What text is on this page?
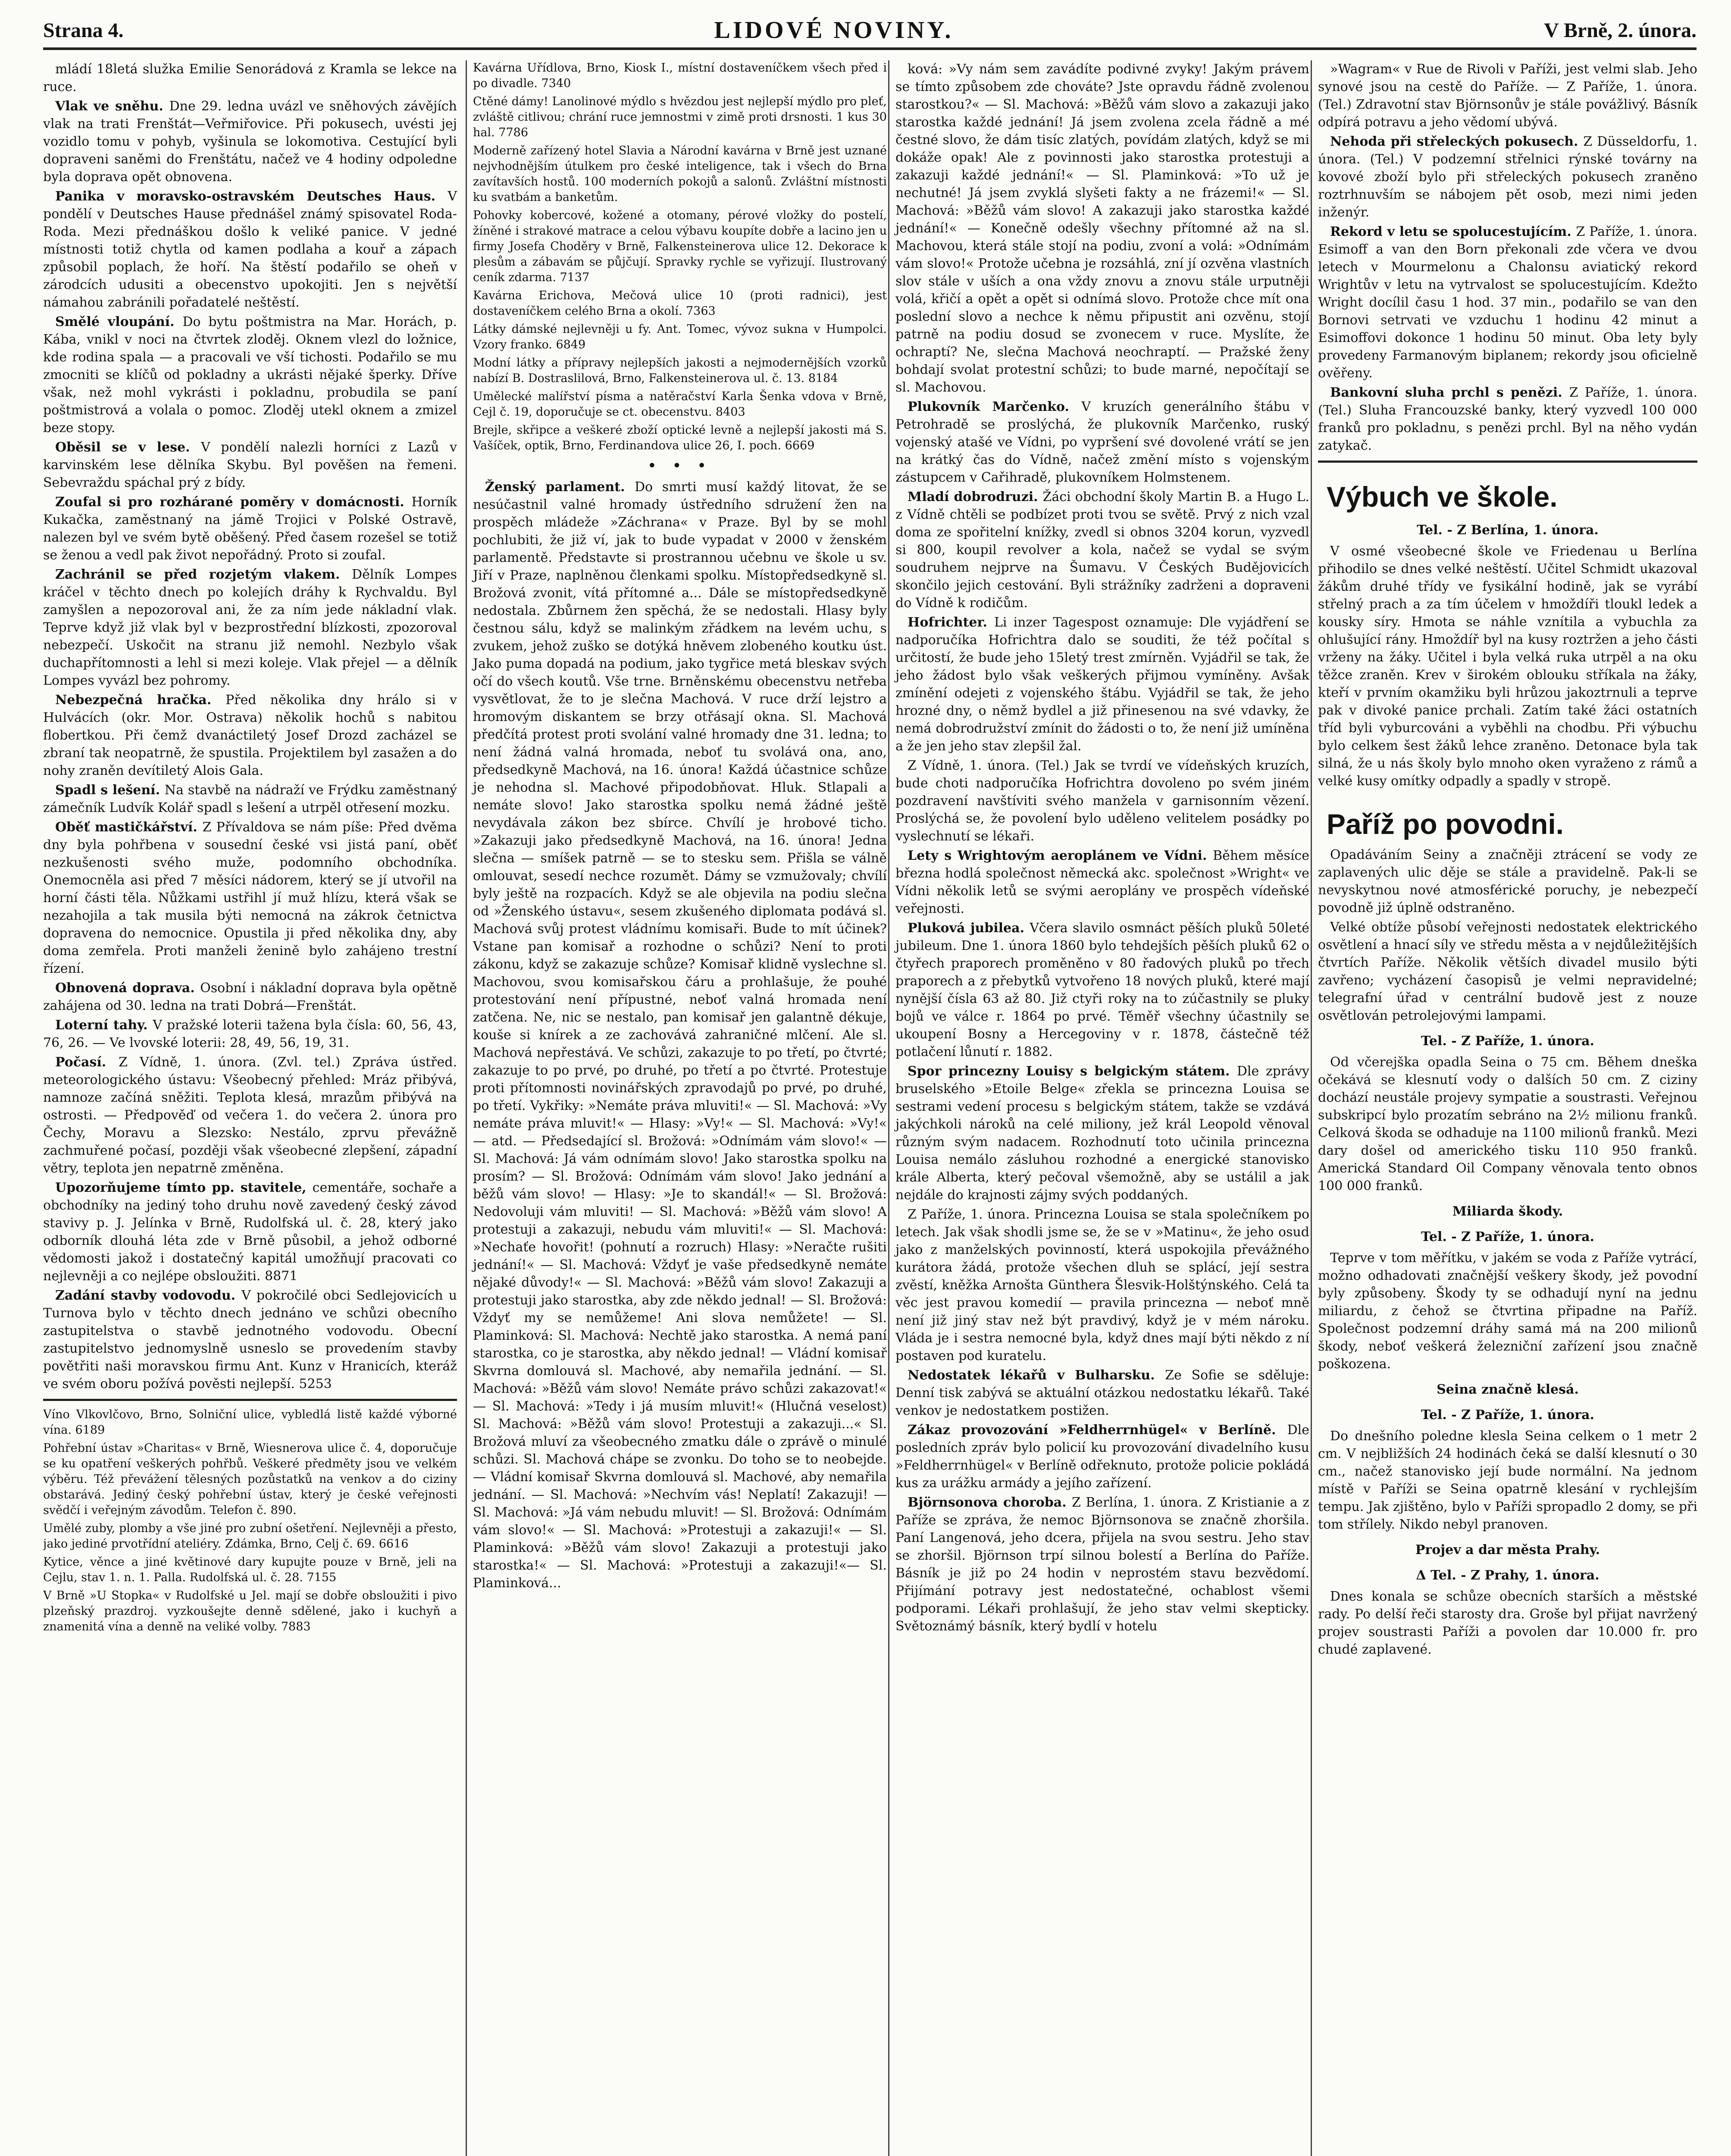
Strana 4.	LIDOVÉ NOVINY.	V Brně, 2. února.

mládí 18letá služka Emilie Senorádová z Kramla se lekce na ruce.

Vlak ve sněhu. Dne 29. ledna uvázl ve sněhových závějích vlak na trati Frenštát—Veřmiřovice. Při pokusech, uvésti jej vozidlo tomu v pohyb, vyšinula se lokomotiva. Cestující byli dopraveni saněmi do Frenštátu, načež ve 4 hodiny odpoledne byla doprava opět obnovena.

Panika v moravsko-ostravském Deutsches Haus. V pondělí v Deutsches Hause přednášel známý spisovatel Roda-Roda. Mezi přednáškou došlo k veliké panice. V jedné místnosti totiž chytla od kamen podlaha a kouř a zápach způsobil poplach, že hoří. Na štěstí podařilo se oheň v zárodcích udusiti a obecenstvo upokojiti. Jen s největší námahou zabránili pořadatelé neštěstí.

Smělé vloupání. Do bytu poštmistra na Mar. Horách, p. Kába, vnikl v noci na čtvrtek zloděj. Oknem vlezl do ložnice, kde rodina spala — a pracovali ve vší tichosti. Podařilo se mu zmocniti se klíčů od pokladny a ukrásti nějaké šperky. Dříve však, než mohl vykrásti i pokladnu, probudila se paní poštmistrová a volala o pomoc. Zloděj utekl oknem a zmizel beze stopy.

Oběsil se v lese. V pondělí nalezli horníci z Lazů v karvinském lese dělníka Skybu. Byl pověšen na řemeni. Sebevraždu spáchal prý z bídy.

Zoufal si pro rozhárané poměry v domácnosti. Horník Kukačka, zaměstnaný na jámě Trojici v Polské Ostravě, nalezen byl ve svém bytě oběšený. Před časem rozešel se totiž se ženou a vedl pak život nepořádný. Proto si zoufal.

Zachránil se před rozjetým vlakem. Dělník Lompes kráčel v těchto dnech po kolejích dráhy k Rychvaldu. Byl zamyšlen a nepozoroval ani, že za ním jede nákladní vlak. Teprve když již vlak byl v bezprostřední blízkosti, zpozoroval nebezpečí. Uskočit na stranu již nemohl. Nezbylo však duchapřítomnosti a lehl si mezi koleje. Vlak přejel — a dělník Lompes vyvázl bez pohromy.

Nebezpečná hračka. Před několika dny hrálo si v Hulvácích (okr. Mor. Ostrava) několik hochů s nabitou flobertkou. Při čemž dvanáctiletý Josef Drozd zacházel se zbraní tak neopatrně, že spustila. Projektilem byl zasažen a do nohy zraněn devítiletý Alois Gala.

Spadl s lešení. Na stavbě na nádraží ve Frýdku zaměstnaný zámečník Ludvík Kolář spadl s lešení a utrpěl otřesení mozku.

Oběť mastičkářství. Z Přívaldova se nám píše: Před dvěma dny byla pohřbena v sousední české vsi jistá paní, oběť nezkušenosti svého muže, podomního obchodníka. Onemocněla asi před 7 měsíci nádorem, který se jí utvořil na horní části těla. Nůžkami ustřihl jí muž hlízu, která však se nezahojila a tak musila býti nemocná na zákrok četnictva dopravena do nemocnice. Opustila ji před několika dny, aby doma zemřela. Proti manželi ženině bylo zahájeno trestní řízení.

Obnovená doprava. Osobní i nákladní doprava byla opětně zahájena od 30. ledna na trati Dobrá—Frenštát.

Loterní tahy. V pražské loterii tažena byla čísla: 60, 56, 43, 76, 26. — Ve lvovské loterii: 28, 49, 56, 19, 31.

Počasí. Z Vídně, 1. února. (Zvl. tel.) Zpráva ústřed. meteorologického ústavu: Všeobecný přehled: Mráz přibývá, namnoze začíná sněžiti. Teplota klesá, mrazům přibývá na ostrosti. — Předpověď od večera 1. do večera 2. února pro Čechy, Moravu a Slezsko: Nestálo, zprvu převážně zachmuřené počasí, později však všeobecné zlepšení, západní větry, teplota jen nepatrně změněna.

Upozorňujeme tímto pp. stavitele, cementáře, sochaře a obchodníky na jediný toho druhu nově zavedený český závod stavivy p. J. Jelínka v Brně, Rudolfská ul. č. 28, který jako odborník dlouhá léta zde v Brně působil, a jehož odborné vědomosti jakož i dostatečný kapitál umožňují pracovati co nejlevněji a co nejlépe obsloužiti. 8871

Zadání stavby vodovodu. V pokročilé obci Sedlejovicích u Turnova bylo v těchto dnech jednáno ve schůzi obecního zastupitelstva o stavbě jednotného vodovodu. Obecní zastupitelstvo jednomyslně usneslo se provedením stavby povětřiti naši moravskou firmu Ant. Kunz v Hranicích, kteráž ve svém oboru požívá pověsti nejlepší. 5253

Víno Vlkovlčovo, Brno, Solniční ulice, vybledlá listě každé výborné vína. 6189

Pohřební ústav »Charitas« v Brně, Wiesnerova ulice č. 4, doporučuje se ku opatření veškerých pohřbů. Veškeré předměty jsou ve velkém výběru. Též převážení tělesných pozůstatků na venkov a do ciziny obstarává. Jediný český pohřební ústav, který je české veřejnosti svědčí i veřejným závodům. Telefon č. 890.

Umělé zuby, plomby a vše jiné pro zubní ošetření. Nejlevněji a přesto, jako jediné prvotřídní ateliéry. Zdámka, Brno, Celj č. 69. 6616

Kytice, věnce a jiné květinové dary kupujte pouze v Brně, jeli na Cejlu, stav 1. n. 1. Palla. Rudolfská ul. č. 28. 7155

V Brně »U Stopka« v Rudolfské u Jel. mají se dobře obsloužiti i pivo plzeňský prazdroj. vyzkoušejte denně sdělené, jako i kuchyň a znamenitá vína a denně na veliké volby. 7883

Kavárna Uřídlova, Brno, Kiosk I., místní dostaveníčkem všech před i po divadle. 7340

Ctěné dámy! Lanolinové mýdlo s hvězdou jest nejlepší mýdlo pro pleť, zvláště citlivou; chrání ruce jemnostmi v zimě proti drsnosti. 1 kus 30 hal. 7786

Moderně zařízený hotel Slavia a Národní kavárna v Brně jest uznané nejvhodnějším útulkem pro české inteligence, tak i všech do Brna zavítavších hostů. 100 moderních pokojů a salonů. Zvláštní místnosti ku svatbám a banketům.

Pohovky kobercové, kožené a otomany, pérové vložky do postelí, žíněné i strakové matrace a celou výbavu koupíte dobře a lacino jen u firmy Josefa Choděry v Brně, Falkensteinerova ulice 12. Dekorace k plesům a zábavám se půjčují. Spravky rychle se vyřizují. Ilustrovaný ceník zdarma. 7137

Kavárna Erichova, Mečová ulice 10 (proti radnici), jest dostaveníčkem celého Brna a okolí. 7363

Látky dámské nejlevněji u fy. Ant. Tomec, vývoz sukna v Humpolci. Vzory franko. 6849

Modní látky a přípravy nejlepších jakosti a nejmodernějších vzorků nabízí B. Dostraslilová, Brno, Falkensteinerova ul. č. 13. 8184

Umělecké malířství písma a natěračství Karla Šenka vdova v Brně, Cejl č. 19, doporučuje se ct. obecenstvu. 8403

Brejle, skřipce a veškeré zboží optické levně a nejlepší jakosti má S. Vašíček, optik, Brno, Ferdinandova ulice 26, I. poch. 6669

• • •

Ženský parlament. Do smrti musí každý litovat, že se nesúčastnil valné hromady ústředního sdružení žen na prospěch mládeže »Záchrana« v Praze. Byl by se mohl pochlubiti, že již ví, jak to bude vypadat v 2000 v ženském parlamentě. Představte si prostrannou učebnu ve škole u sv. Jiří v Praze, naplněnou členkami spolku. Místopředsedkyně sl. Brožová zvonit, vítá přítomné a... Dále se místopředsedkyně nedostala. Zbůrnem žen spěchá, že se nedostali. Hlasy byly čestnou sálu, když se malinkým zřádkem na levém uchu, s zvukem, jehož zuško se dotýká hněvem zlobeného koutku úst. Jako puma dopadá na podium, jako tygřice metá bleskav svých očí do všech koutů. Vše trne. Brněnskému obecenstvu netřeba vysvětlovat, že to je slečna Machová. V ruce drží lejstro a hromovým diskantem se brzy otřásají okna. Sl. Machová předčítá protest proti svolání valné hromady dne 31. ledna; to není žádná valná hromada, neboť tu svolává ona, ano, předsedkyně Machová, na 16. února! Každá účastnice schůze je nehodna sl. Machové připodobňovat. Hluk. Stlapali a nemáte slovo! Jako starostka spolku nemá žádné ještě nevydávala zákon bez sbírce. Chvílí je hrobové ticho. »Zakazuji jako předsedkyně Machová, na 16. února! Jedna slečna — smíšek patrně — se to stesku sem. Přišla se válně omlouvat, sesedí nechce rozumět. Dámy se vzmužovaly; chvílí byly ještě na rozpacích. Když se ale objevila na podiu slečna od »Ženského ústavu«, sesem zkušeného diplomata podává sl. Machová svůj protest vládnímu komisaři. Bude to mít účinek? Vstane pan komisař a rozhodne o schůzi? Není to proti zákonu, když se zakazuje schůze? Komisař klidně vyslechne sl. Machovou, svou komisařskou čáru a prohlašuje, že pouhé protestování není přípustné, neboť valná hromada není zatčena. Ne, nic se nestalo, pan komisař jen galantně dékuje, kouše si knírek a ze zachovává zahraničné mlčení. Ale sl. Machová nepřestává. Ve schůzi, zakazuje to po třetí, po čtvrté; zakazuje to po prvé, po druhé, po třetí a po čtvrté. Protestuje proti přítomnosti novinářských zpravodajů po prvé, po druhé, po třetí. Vykřiky: »Nemáte práva mluviti!« — Sl. Machová: »Vy nemáte práva mluvit!« — Hlasy: »Vy!« — Sl. Machová: »Vy!« — atd. — Předsedající sl. Brožová: »Odnímám vám slovo!« — Sl. Machová: Já vám odnímám slovo! Jako starostka spolku na prosím? — Sl. Brožová: Odnímám vám slovo! Jako jednání a běžů vám slovo! — Hlasy: »Je to skandál!« — Sl. Brožová: Nedovoluji vám mluviti! — Sl. Machová: »Běžů vám slovo! A protestuji a zakazuji, nebudu vám mluviti!« — Sl. Machová: »Nechaťe hovořit! (pohnutí a rozruch) Hlasy: »Neračte rušiti jednání!« — Sl. Machová: Vždyť je vaše předsedkyně nemáte nějaké důvody!« — Sl. Machová: »Běžů vám slovo! Zakazuji a protestuji jako starostka, aby zde někdo jednal! — Sl. Brožová: Vždyť my se nemůžeme! Ani slova nemůžete! — Sl. Plaminková: Sl. Machová: Nechtě jako starostka. A nemá paní starostka, co je starostka, aby někdo jednal! — Vládní komisař Skvrna domlouvá sl. Machové, aby nemařila jednání. — Sl. Machová: »Běžů vám slovo! Nemáte právo schůzi zakazovat!« — Sl. Machová: »Tedy i já musím mluvit!« (Hlučná veselost) Sl. Machová: »Běžů vám slovo! Protestuji a zakazuji...« Sl. Brožová mluví za všeobecného zmatku dále o zprávě o minulé schůzi. Sl. Machová chápe se zvonku. Do toho se to neobejde. — Vládní komisař Skvrna domlouvá sl. Machové, aby nemařila jednání. — Sl. Machová: »Nechvím vás! Neplatí! Zakazuji! — Sl. Machová: »Já vám nebudu mluvit! — Sl. Brožová: Odnímám vám slovo!« — Sl. Machová: »Protestuji a zakazuji!« — Sl. Plaminková: »Běžů vám slovo! Zakazuji a protestuji jako starostka!« — Sl. Machová: »Protestuji a zakazuji!«— Sl. Plaminková...

ková: »Vy nám sem zavádíte podivné zvyky! Jakým právem se tímto způsobem zde chováte? Jste opravdu řádně zvolenou starostkou?« — Sl. Machová: »Běžů vám slovo a zakazuji jako starostka každé jednání! Já jsem zvolena zcela řádně a mé čestné slovo, že dám tisíc zlatých, povídám zlatých, když se mi dokáže opak! Ale z povinnosti jako starostka protestuji a zakazuji každé jednání!« — Sl. Plaminková: »To už je nechutné! Já jsem zvyklá slyšeti fakty a ne frázemi!« — Sl. Machová: »Běžů vám slovo! A zakazuji jako starostka každé jednání!« — Konečně odešly všechny přítomné až na sl. Machovou, která stále stojí na podiu, zvoní a volá: »Odnímám vám slovo!« Protože učebna je rozsáhlá, zní jí ozvěna vlastních slov stále v uších a ona vždy znovu a znovu stále urputněji volá, křičí a opět a opět si odnímá slovo. Protože chce mít ona poslední slovo a nechce k němu připustit ani ozvěnu, stojí patrně na podiu dosud se zvonecem v ruce. Myslíte, že ochraptí? Ne, slečna Machová neochraptí. — Pražské ženy bohdají svolat protestní schůzi; to bude marné, nepočítají se sl. Machovou.

Plukovník Marčenko. V kruzích generálního štábu v Petrohradě se proslýchá, že plukovník Marčenko, ruský vojenský atašé ve Vídni, po vypršení své dovolené vrátí se jen na krátký čas do Vídně, načež změní místo s vojenským zástupcem v Cařihradě, plukovníkem Holmstenem.

Mladí dobrodruzi. Žáci obchodní školy Martin B. a Hugo L. z Vídně chtěli se podbízet proti tvou se světě. Prvý z nich vzal doma ze spořitelní knížky, zvedl si obnos 3204 korun, vyzvedl si 800, koupil revolver a kola, načež se vydal se svým soudruhem nejprve na Šumavu. V Českých Budějovicích skončilo jejich cestování. Byli strážníky zadrženi a dopraveni do Vídně k rodičům.

Hofrichter. Li inzer Tagespost oznamuje: Dle vyjádření se nadporučíka Hofrichtra dalo se souditi, že též počítal s určitostí, že bude jeho 15letý trest zmírněn. Vyjádřil se tak, že jeho žádost bylo však veškerých přijmou vymíněny. Avšak zmínění odejeti z vojenského štábu. Vyjádřil se tak, že jeho hrozné dny, o němž bydlel a již přinesenou na své vdavky, že nemá dobrodružství zmínit do žádosti o to, že není již umíněna a že jen jeho stav zlepšil žal.

Z Vídně, 1. února. (Tel.) Jak se tvrdí ve vídeňských kruzích, bude choti nadporučíka Hofrichtra dovoleno po svém jiném pozdravení navštíviti svého manžela v garnisonním vězení. Proslýchá se, že povolení bylo uděleno velitelem posádky po vyslechnutí se lékaři.

Lety s Wrightovým aeroplánem ve Vídni. Během měsíce března hodlá společnost německá akc. společnost »Wright« ve Vídni několik letů se svými aeroplány ve prospěch vídeňské veřejnosti.

Pluková jubilea. Včera slavilo osmnáct pěších pluků 50leté jubileum. Dne 1. února 1860 bylo tehdejších pěších pluků 62 o čtyřech praporech proměněno v 80 řadových pluků po třech praporech a z přebytků vytvořeno 18 nových pluků, které mají nynější čísla 63 až 80. Již ctyři roky na to zúčastnily se pluky bojů ve válce r. 1864 po prvé. Těměř všechny účastnily se ukoupení Bosny a Hercegoviny v r. 1878, částečně též potlačení lůnutí r. 1882.

Spor princezny Louisy s belgickým státem. Dle zprávy bruselského »Etoile Belge« zřekla se princezna Louisa se sestrami vedení procesu s belgickým státem, takže se vzdává jakýchkoli nároků na celé miliony, jež král Leopold věnoval různým svým nadacem. Rozhodnutí toto učinila princezna Louisa nemálo zásluhou rozhodné a energické stanovisko krále Alberta, který pečoval všemožně, aby se ustálil a jak nejdále do krajnosti zájmy svých poddaných.

Z Paříže, 1. února. Princezna Louisa se stala společníkem po letech. Jak však shodli jsme se, že se v »Matinu«, že jeho osud jako z manželských povinností, která uspokojila převážného kurátora žádá, protože všechen dluh se splácí, její sestra zvěstí, kněžka Arnošta Günthera Šlesvik-Holštýnského. Celá ta věc jest pravou komedií — pravila princezna — neboť mně není již jiný stav než být pravdivý, když je v mém nároku. Vláda je i sestra nemocné byla, když dnes mají býti někdo z ní postaven pod kuratelu.

Nedostatek lékařů v Bulharsku. Ze Sofie se sděluje: Denní tisk zabývá se aktuální otázkou nedostatku lékařů. Také venkov je nedostatkem postižen.

Zákaz provozování »Feldherrnhügel« v Berlíně. Dle posledních zpráv bylo policií ku provozování divadelního kusu »Feldherrnhügel« v Berlíně odřeknuto, protože policie pokládá kus za urážku armády a jejího zařízení.

Björnsonova choroba. Z Berlína, 1. února. Z Kristianie a z Paříže se zpráva, že nemoc Björnsonova se značně zhoršila. Paní Langenová, jeho dcera, přijela na svou sestru. Jeho stav se zhoršil. Björnson trpí silnou bolestí a Berlína do Paříže. Básník je již po 24 hodin v neprostém stavu bezvědomí. Přijímání potravy jest nedostatečné, ochablost všemi podporami. Lékaři prohlašují, že jeho stav velmi skepticky. Světoznámý básník, který bydlí v hotelu

»Wagram« v Rue de Rivoli v Paříži, jest velmi slab. Jeho synové jsou na cestě do Paříže. — Z Paříže, 1. února. (Tel.) Zdravotní stav Björnsonův je stále povážlivý. Básník odpírá potravu a jeho vědomí ubývá.

Nehoda při střeleckých pokusech. Z Düsseldorfu, 1. února. (Tel.) V podzemní střelnici rýnské továrny na kovové zboží bylo při střeleckých pokusech zraněno roztrhnuvším se nábojem pět osob, mezi nimi jeden inženýr.

Rekord v letu se spolucestujícím. Z Paříže, 1. února. Esimoff a van den Born překonali zde včera ve dvou letech v Mourmelonu a Chalonsu aviatický rekord Wrightův v letu na vytrvalost se spolucestujícím. Kdežto Wright docílil času 1 hod. 37 min., podařilo se van den Bornovi setrvati ve vzduchu 1 hodinu 42 minut a Esimoffovi dokonce 1 hodinu 50 minut. Oba lety byly provedeny Farmanovým biplanem; rekordy jsou oficielně ověřeny.

Bankovní sluha prchl s penězi. Z Paříže, 1. února. (Tel.) Sluha Francouzské banky, který vyzvedl 100 000 franků pro pokladnu, s penězi prchl. Byl na něho vydán zatykač.

Výbuch ve škole.

Tel. - Z Berlína, 1. února.

V osmé všeobecné škole ve Friedenau u Berlína přihodilo se dnes velké neštěstí. Učitel Schmidt ukazoval žákům druhé třídy ve fysikální hodině, jak se vyrábí střelný prach a za tím účelem v hmoždíři tloukl ledek a kousky síry. Hmota se náhle vznítila a vybuchla za ohlušující rány. Hmoždíř byl na kusy roztržen a jeho části vrženy na žáky. Učitel i byla velká ruka utrpěl a na oku těžce zraněn. Krev v širokém oblouku stříkala na žáky, kteří v prvním okamžiku byli hrůzou jakoztrnuli a teprve pak v divoké panice prchali. Zatím také žáci ostatních tříd byli vyburcováni a vyběhli na chodbu. Při výbuchu bylo celkem šest žáků lehce zraněno. Detonace byla tak silná, že u nás školy bylo mnoho oken vyraženo z rámů a velké kusy omítky odpadly a spadly v stropě.

Paříž po povodni.

Opadáváním Seiny a značněji ztrácení se vody ze zaplavených ulic děje se stále a pravidelně. Pak-li se nevyskytnou nové atmosférické poruchy, je nebezpečí povodně již úplně odstraněno.

Velké obtíže působí veřejnosti nedostatek elektrického osvětlení a hnací síly ve středu města a v nejdůležitějších čtvrtích Paříže. Několik větších divadel musilo býti zavřeno; vycházení časopisů je velmi nepravidelné; telegrafní úřad v centrální budově jest z nouze osvětlován petrolejovými lampami.

Tel. - Z Paříže, 1. února.

Od včerejška opadla Seina o 75 cm. Během dneška očekává se klesnutí vody o dalších 50 cm. Z ciziny dochází neustále projevy sympatie a soustrasti. Veřejnou subskripcí bylo prozatím sebráno na 2½ milionu franků. Celková škoda se odhaduje na 1100 milionů franků. Mezi dary došel od amerického tisku 110 950 franků. Americká Standard Oil Company věnovala tento obnos 100 000 franků.

Miliarda škody.

Tel. - Z Paříže, 1. února.

Teprve v tom měřítku, v jakém se voda z Paříže vytrácí, možno odhadovati značnější veškery škody, jež povodní byly způsobeny. Škody ty se odhadují nyní na jednu miliardu, z čehož se čtvrtina připadne na Paříž. Společnost podzemní dráhy samá má na 200 milionů škody, neboť veškerá železniční zařízení jsou značně poškozena.

Seina značně klesá.

Tel. - Z Paříže, 1. února.

Do dnešního poledne klesla Seina celkem o 1 metr 2 cm. V nejbližších 24 hodinách čeká se další klesnutí o 30 cm., načež stanovisko její bude normální. Na jednom místě v Paříži se Seina opatrně klesání v rychlejším tempu. Jak zjištěno, bylo v Paříži spropadlo 2 domy, se při tom střílely. Nikdo nebyl pranoven.

Projev a dar města Prahy.

Δ Tel. - Z Prahy, 1. února.

Dnes konala se schůze obecních starších a městské rady. Po delší řeči starosty dra. Groše byl přijat navržený projev soustrasti Paříži a povolen dar 10.000 fr. pro chudé zaplavené.
